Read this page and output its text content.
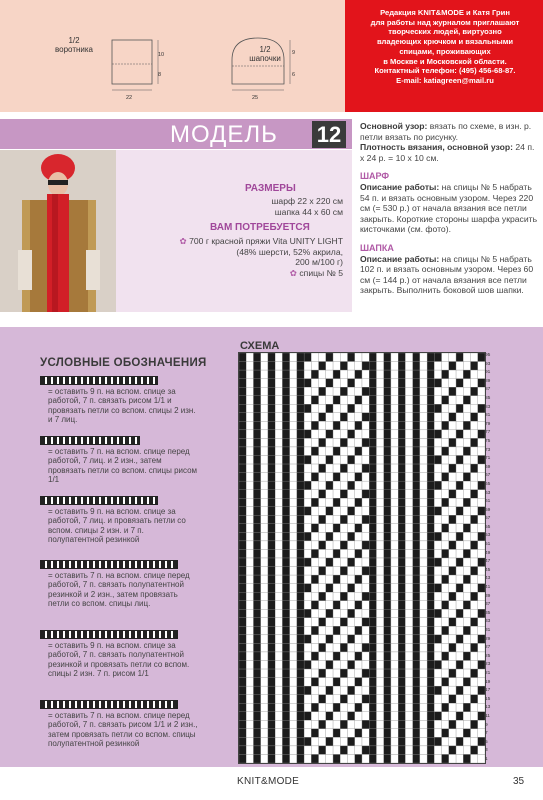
10
8
22
1/2 воротника	9
6
25
1/2 шапочки
Редакция KNIT&MODE и Катя Грин
для работы над журналом приглашают
творческих людей, виртуозно
владеющих крючком и вязальными
спицами, проживающих
в Москве и Московской области.
Контактный телефон: (495) 456-68-87.
E-mail: katiagreen@mail.ru
МОДЕЛЬ 12
РАЗМЕРЫ
шарф 22 х 220 см
шапка 44 х 60 см
ВАМ ПОТРЕБУЕТСЯ
✿ 700 г красной пряжи Vita UNITY LIGHT
(48% шерсти, 52% акрила,
200 м/100 г)
✿ спицы № 5
Основной узор: вязать по схеме, в изн. р. петли вязать по рисунку.
Плотность вязания, основной узор: 24 п. х 24 р. = 10 х 10 см.
ШАРФ
Описание работы: на спицы № 5 набрать 54 п. и вязать основным узором. Через 220 см (= 530 р.) от начала вязания все петли закрыть. Короткие стороны шарфа украсить кисточками (см. фото).
ШАПКА
Описание работы: на спицы № 5 набрать 102 п. и вязать основным узором. Через 60 см (= 144 р.) от начала вязания все петли закрыть. Выполнить боковой шов шапки.
УСЛОВНЫЕ ОБОЗНАЧЕНИЯ
= оставить 9 п. на вспом. спице за работой, 7 п. связать рисом 1/1 и провязать петли со вспом. спицы 2 изн. и 7 лиц.
= оставить 7 п. на вспом. спице перед работой, 7 лиц. и 2 изн., затем провязать петли со вспом. спицы рисом 1/1
= оставить 9 п. на вспом. спице за работой, 7 лиц. и провязать петли со вспом. спицы 2 изн. и 7 п. полупатентной резинкой
= оставить 7 п. на вспом. спице перед работой, 7 п. связать полупатентной резинкой и 2 изн., затем провязать петли со вспом. спицы лиц.
= оставить 9 п. на вспом. спице за работой, 7 п. связать полупатентной резинкой и провязать петли со вспом. спицы 2 изн. 7 п. рисом 1/1
= оставить 7 п. на вспом. спице перед работой, 7 п. связать рисом 1/1 и 2 изн., затем провязать петли со вспом. спицы полупатентной резинкой
СХЕМА
95
93
91
89
87
85
83
81
79
77
75
73
71
69
67
65
63
61
59
57
55
53
51
49
47
45
43
41
39
37
35
33
31
29
27
25
23
21
19
17
15
13
11
9
7
5
3
1
KNIT&MODE	35
